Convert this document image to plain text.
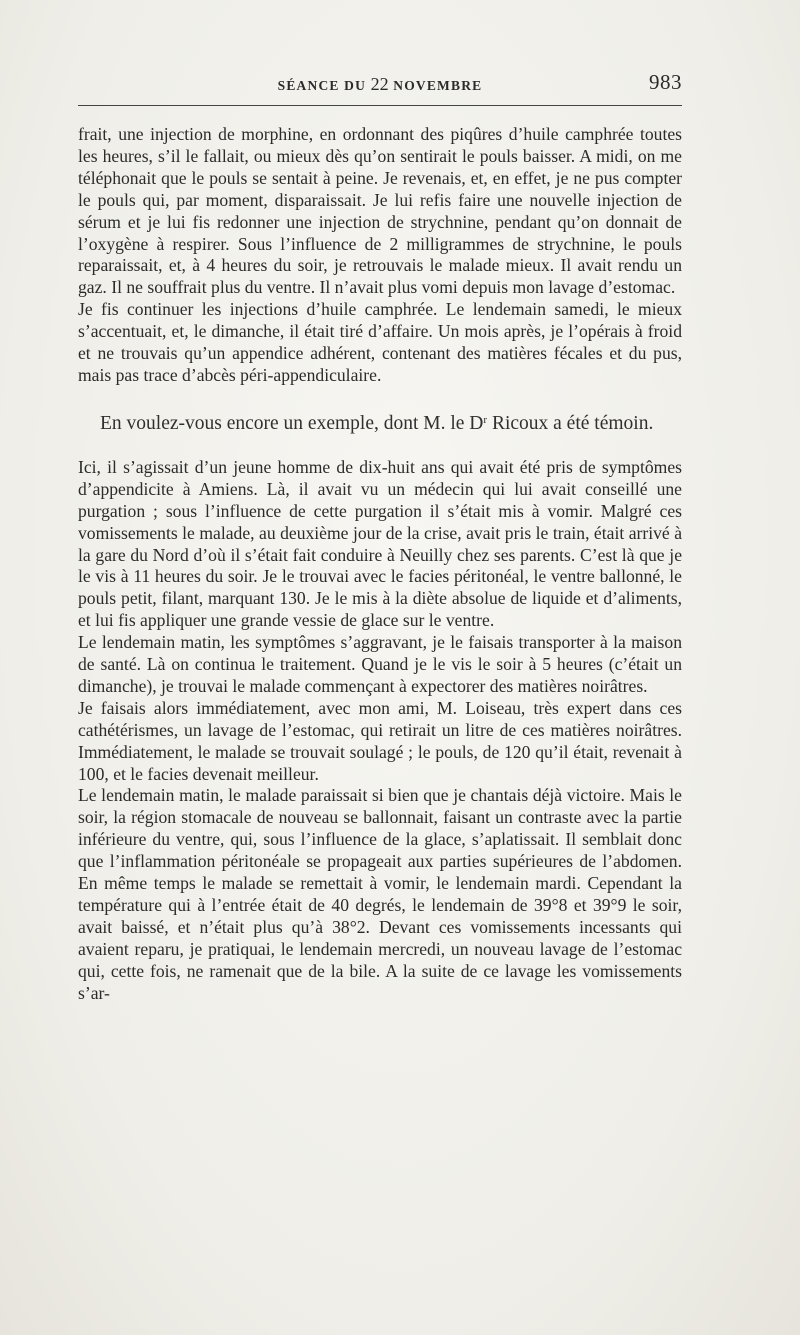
SÉANCE DU 22 NOVEMBRE	983

frait, une injection de morphine, en ordonnant des piqûres d’huile camphrée toutes les heures, s’il le fallait, ou mieux dès qu’on sentirait le pouls baisser. A midi, on me téléphonait que le pouls se sentait à peine. Je revenais, et, en effet, je ne pus compter le pouls qui, par moment, disparaissait. Je lui refis faire une nouvelle injection de sérum et je lui fis redonner une injection de strychnine, pendant qu’on donnait de l’oxygène à respirer. Sous l’influence de 2 milligrammes de strychnine, le pouls reparaissait, et, à 4 heures du soir, je retrouvais le malade mieux. Il avait rendu un gaz. Il ne souffrait plus du ventre. Il n’avait plus vomi depuis mon lavage d’estomac.

Je fis continuer les injections d’huile camphrée. Le lendemain samedi, le mieux s’accentuait, et, le dimanche, il était tiré d’affaire. Un mois après, je l’opérais à froid et ne trouvais qu’un appendice adhérent, contenant des matières fécales et du pus, mais pas trace d’abcès péri-appendiculaire.

En voulez-vous encore un exemple, dont M. le $D^r$ Ricoux a été témoin.

Ici, il s’agissait d’un jeune homme de dix-huit ans qui avait été pris de symptômes d’appendicite à Amiens. Là, il avait vu un médecin qui lui avait conseillé une purgation ; sous l’influence de cette purgation il s’était mis à vomir. Malgré ces vomissements le malade, au deuxième jour de la crise, avait pris le train, était arrivé à la gare du Nord d’où il s’était fait conduire à Neuilly chez ses parents. C’est là que je le vis à 11 heures du soir. Je le trouvai avec le facies péritonéal, le ventre ballonné, le pouls petit, filant, marquant 130. Je le mis à la diète absolue de liquide et d’aliments, et lui fis appliquer une grande vessie de glace sur le ventre.

Le lendemain matin, les symptômes s’aggravant, je le faisais transporter à la maison de santé. Là on continua le traitement. Quand je le vis le soir à 5 heures (c’était un dimanche), je trouvai le malade commençant à expectorer des matières noirâtres.

Je faisais alors immédiatement, avec mon ami, M. Loiseau, très expert dans ces cathétérismes, un lavage de l’estomac, qui retirait un litre de ces matières noirâtres. Immédiatement, le malade se trouvait soulagé ; le pouls, de 120 qu’il était, revenait à 100, et le facies devenait meilleur.

Le lendemain matin, le malade paraissait si bien que je chantais déjà victoire. Mais le soir, la région stomacale de nouveau se ballonnait, faisant un contraste avec la partie inférieure du ventre, qui, sous l’influence de la glace, s’aplatissait. Il semblait donc que l’inflammation péritonéale se propageait aux parties supérieures de l’abdomen. En même temps le malade se remettait à vomir, le lendemain mardi. Cependant la température qui à l’entrée était de 40 degrés, le lendemain de 39°8 et 39°9 le soir, avait baissé, et n’était plus qu’à 38°2. Devant ces vomissements incessants qui avaient reparu, je pratiquai, le lendemain mercredi, un nouveau lavage de l’estomac qui, cette fois, ne ramenait que de la bile. A la suite de ce lavage les vomissements s’ar-
